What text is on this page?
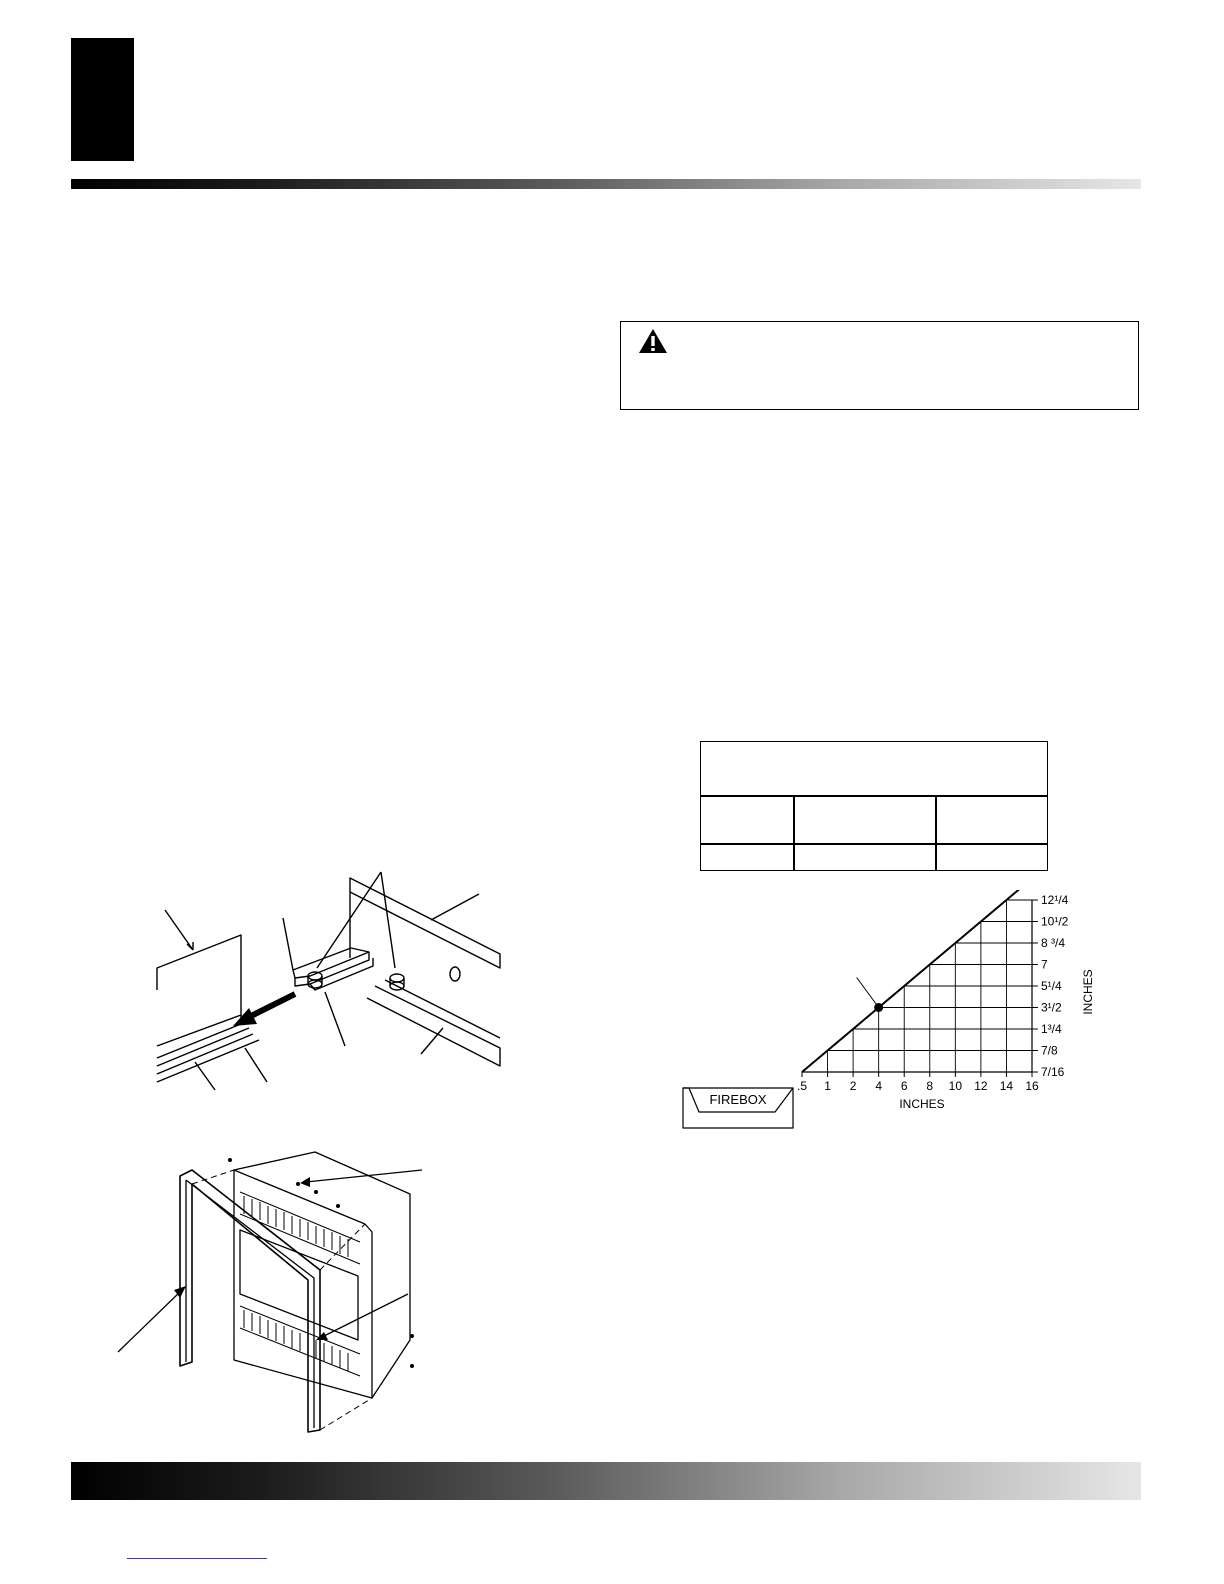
.5 1 2 4 6 8 10 12 14 16
7/16
7/8
1³/4
3¹/2
5¹/4
7
8 ³/4
10¹/2
12¹/4
INCHES
INCHES
FIREBOX
